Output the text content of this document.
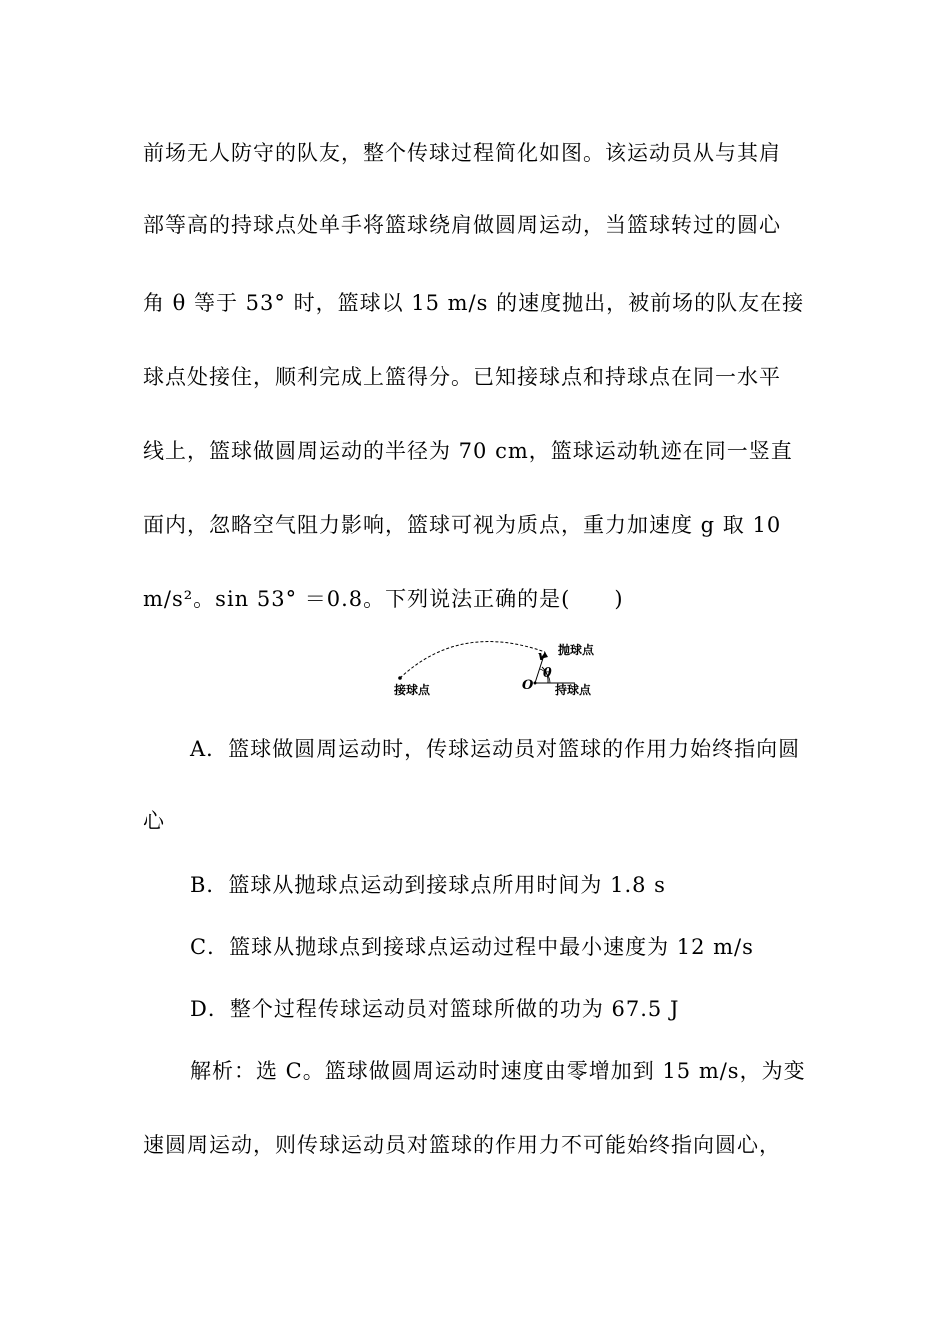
前场无人防守的队友，整个传球过程简化如图。该运动员从与其肩
部等高的持球点处单手将篮球绕肩做圆周运动，当篮球转过的圆心
角 θ 等于 53° 时，篮球以 15 m/s 的速度抛出，被前场的队友在接
球点处接住，顺利完成上篮得分。已知接球点和持球点在同一水平
线上，篮球做圆周运动的半径为 70 cm，篮球运动轨迹在同一竖直
面内，忽略空气阻力影响，篮球可视为质点，重力加速度 g 取 10
m/s²。sin 53° ＝0.8。下列说法正确的是(　　)
接球点
抛球点
持球点
O
v
θ
A．篮球做圆周运动时，传球运动员对篮球的作用力始终指向圆
心
B．篮球从抛球点运动到接球点所用时间为 1.8 s
C．篮球从抛球点到接球点运动过程中最小速度为 12 m/s
D．整个过程传球运动员对篮球所做的功为 67.5 J
解析：选 C。篮球做圆周运动时速度由零增加到 15 m/s，为变
速圆周运动，则传球运动员对篮球的作用力不可能始终指向圆心，
